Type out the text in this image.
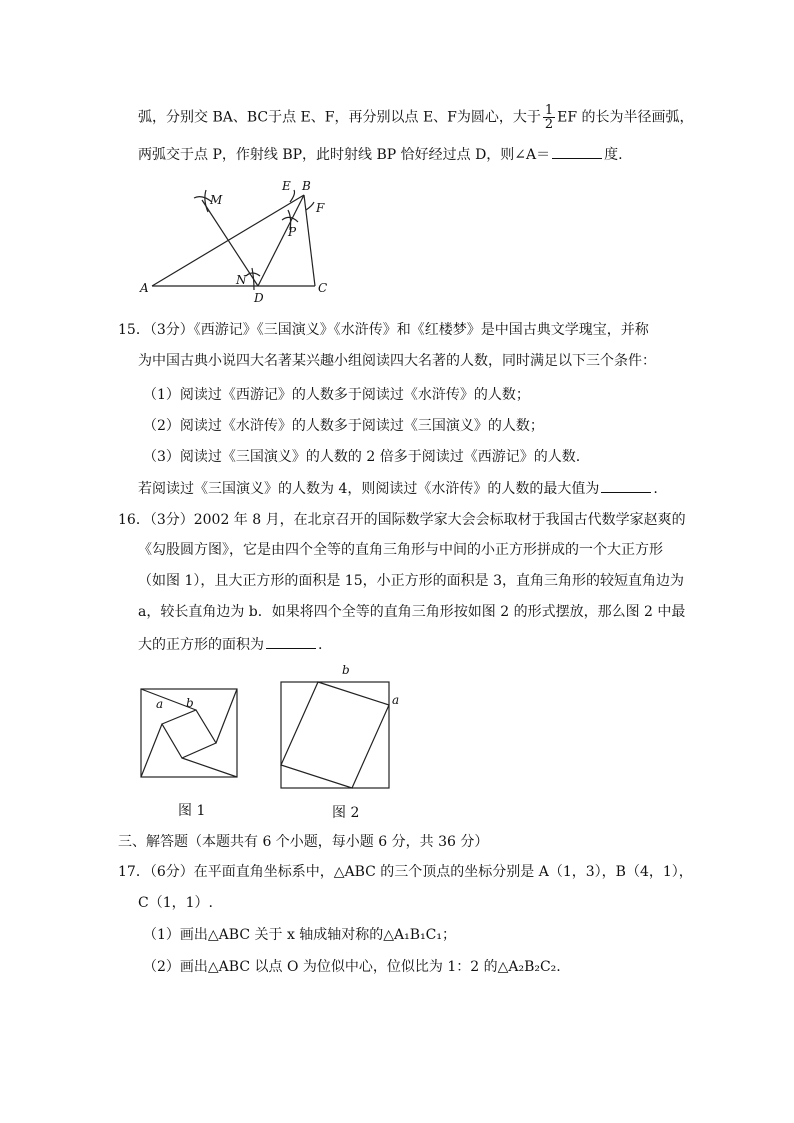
弧，分别交 BA、BC于点 E、F，再分别以点 E、F为圆心，大于 $\frac{1}{2}$ EF 的长为半径画弧，
两弧交于点 P，作射线 BP，此时射线 BP 恰好经过点 D，则∠A＝	度.
E B
F
M
P
N
A
D
C
15．（3分）《西游记》《三国演义》《水浒传》和《红楼梦》是中国古典文学瑰宝，并称
为中国古典小说四大名著某兴趣小组阅读四大名著的人数，同时满足以下三个条件：
（1）阅读过《西游记》的人数多于阅读过《水浒传》的人数；
（2）阅读过《水浒传》的人数多于阅读过《三国演义》的人数；
（3）阅读过《三国演义》的人数的 2 倍多于阅读过《西游记》的人数.
若阅读过《三国演义》的人数为 4，则阅读过《水浒传》的人数的最大值为	.
16．（3分）2002 年 8 月，在北京召开的国际数学家大会会标取材于我国古代数学家赵爽的
《勾股圆方图》，它是由四个全等的直角三角形与中间的小正方形拼成的一个大正方形
（如图 1），且大正方形的面积是 15，小正方形的面积是 3，直角三角形的较短直角边为
a，较长直角边为 b．如果将四个全等的直角三角形按如图 2 的形式摆放，那么图 2 中最
大的正方形的面积为	.
a b
图 1
b
a
图 2
三、解答题（本题共有 6 个小题，每小题 6 分，共 36 分）
17．（6分）在平面直角坐标系中，△ABC 的三个顶点的坐标分别是 A（1，3），B（4，1），
C（1，1）.
（1）画出△ABC 关于 x 轴成轴对称的△A₁B₁C₁；
（2）画出△ABC 以点 O 为位似中心，位似比为 1：2 的△A₂B₂C₂.
